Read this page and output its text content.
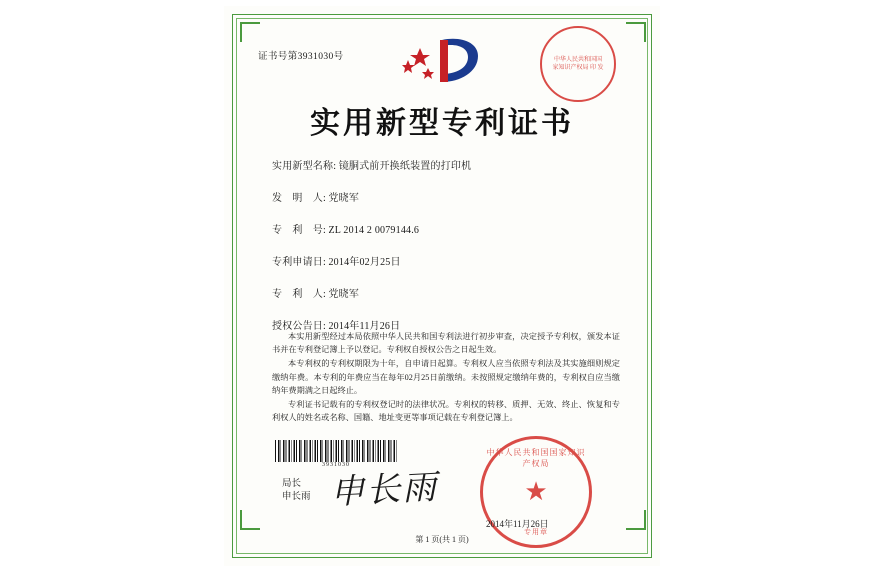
证书号第3931030号
实用新型专利证书
实用新型名称: 镜胴式前开换纸装置的打印机
发　明　人: 党晓军
专　利　号: ZL 2014 2 0079144.6
专利申请日: 2014年02月25日
专　利　人: 党晓军
授权公告日: 2014年11月26日

本实用新型经过本局依照中华人民共和国专利法进行初步审查，决定授予专利权，颁发本证书并在专利登记簿上予以登记。专利权自授权公告之日起生效。

本专利权的专利权期限为十年，自申请日起算。专利权人应当依照专利法及其实施细则规定缴纳年费。本专利的年费应当在每年02月25日前缴纳。未按照规定缴纳年费的，专利权自应当缴纳年费期满之日起终止。

专利证书记载有的专利权登记时的法律状况。专利权的转移、质押、无效、终止、恢复和专利权人的姓名或名称、国籍、地址变更等事项记载在专利登记簿上。

3931030
局长
申长雨 申长雨
中华人民共和国国家知识产权局 印 发
中华人民共和国国家知识产权局
★
专用章
2014年11月26日
第 1 页(共 1 页)
